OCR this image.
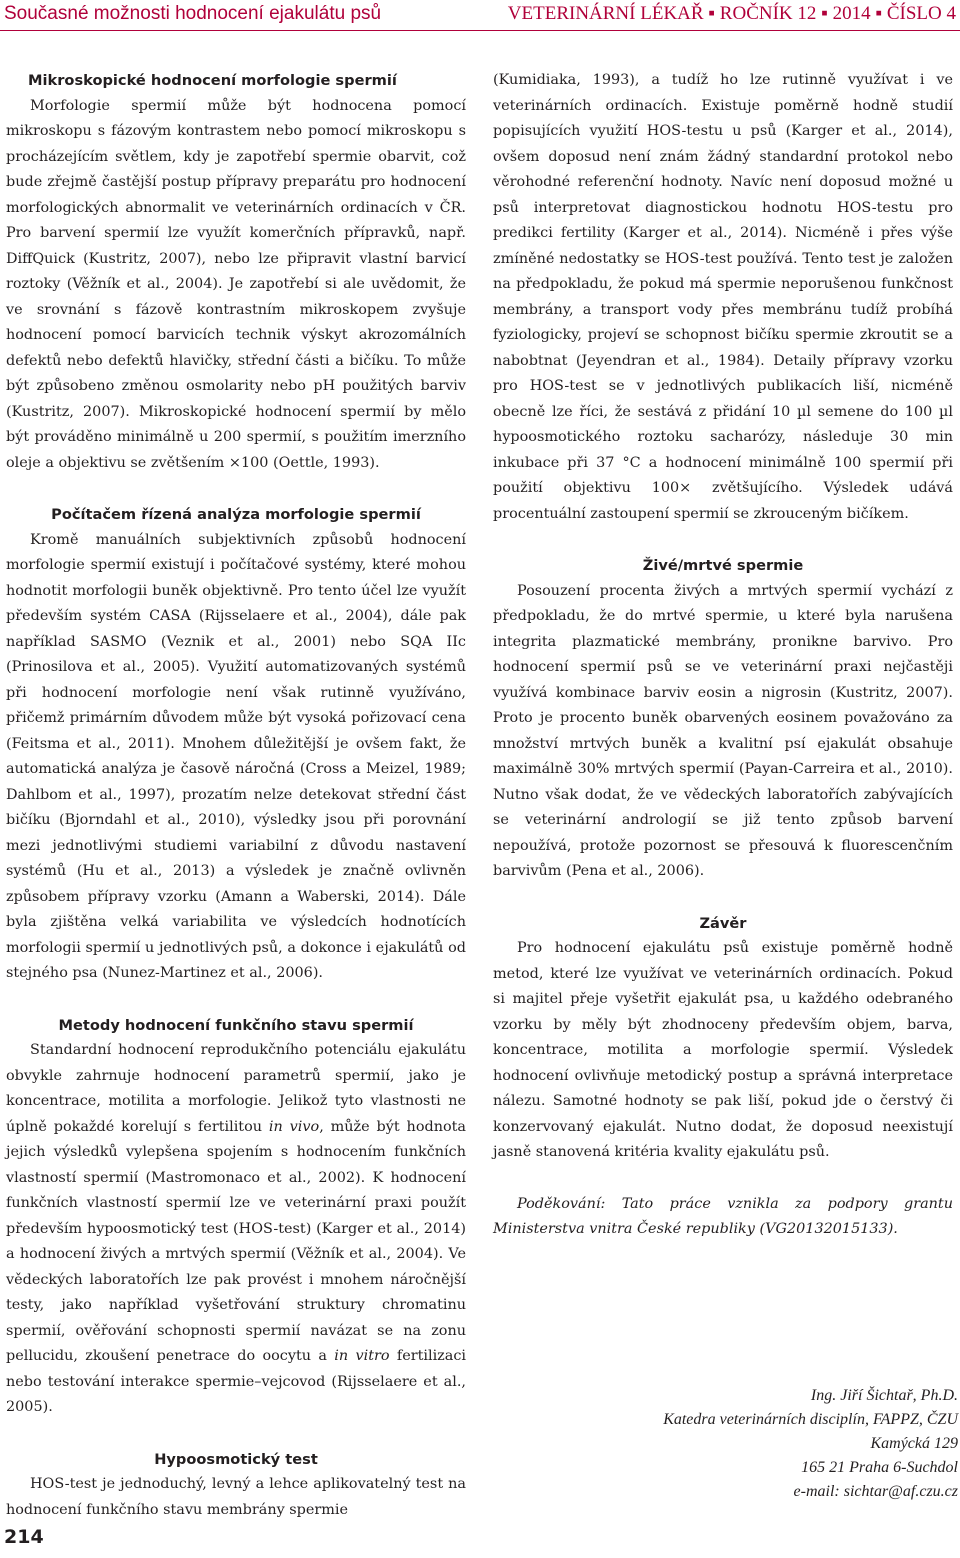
Současné možnosti hodnocení ejakulátu psů	VETERINÁRNÍ LÉKAŘ ▪ ROČNÍK 12 ▪ 2014 ▪ ČÍSLO 4
Mikroskopické hodnocení morfologie spermií

Morfologie spermií může být hodnocena pomocí mikroskopu s fázovým kontrastem nebo pomocí mikroskopu s procházejícím světlem, kdy je zapotřebí spermie obarvit, což bude zřejmě častější postup přípravy preparátu pro hodnocení morfologických abnormalit ve veterinárních ordinacích v ČR. Pro barvení spermií lze využít komerčních přípravků, např. DiffQuick (Kustritz, 2007), nebo lze připravit vlastní barvicí roztoky (Věžník et al., 2004). Je zapotřebí si ale uvědomit, že ve srovnání s fázově kontrastním mikroskopem zvyšuje hodnocení pomocí barvicích technik výskyt akrozomálních defektů nebo defektů hlavičky, střední části a bičíku. To může být způsobeno změnou osmolarity nebo pH použitých barviv (Kustritz, 2007). Mikroskopické hodnocení spermií by mělo být prováděno minimálně u 200 spermií, s použitím imerzního oleje a objektivu se zvětšením ×100 (Oettle, 1993).

Počítačem řízená analýza morfologie spermií

Kromě manuálních subjektivních způsobů hodnocení morfologie spermií existují i počítačové systémy, které mohou hodnotit morfologii buněk objektivně. Pro tento účel lze využít především systém CASA (Rijsselaere et al., 2004), dále pak například SASMO (Veznik et al., 2001) nebo SQA IIc (Prinosilova et al., 2005). Využití automatizovaných systémů při hodnocení morfologie není však rutinně využíváno, přičemž primárním důvodem může být vysoká pořizovací cena (Feitsma et al., 2011). Mnohem důležitější je ovšem fakt, že automatická analýza je časově náročná (Cross a Meizel, 1989; Dahlbom et al., 1997), prozatím nelze detekovat střední část bičíku (Bjorndahl et al., 2010), výsledky jsou při porovnání mezi jednotlivými studiemi variabilní z důvodu nastavení systémů (Hu et al., 2013) a výsledek je značně ovlivněn způsobem přípravy vzorku (Amann a Waberski, 2014). Dále byla zjištěna velká variabilita ve výsledcích hodnotících morfologii spermií u jednotlivých psů, a dokonce i ejakulátů od stejného psa (Nunez-Martinez et al., 2006).

Metody hodnocení funkčního stavu spermií

Standardní hodnocení reprodukčního potenciálu ejakulátu obvykle zahrnuje hodnocení parametrů spermií, jako je koncentrace, motilita a morfologie. Jelikož tyto vlastnosti ne úplně pokaždé korelují s fertilitou in vivo, může být hodnota jejich výsledků vylepšena spojením s hodnocením funkčních vlastností spermií (Mastromonaco et al., 2002). K hodnocení funkčních vlastností spermií lze ve veterinární praxi použít především hypoosmotický test (HOS-test) (Karger et al., 2014) a hodnocení živých a mrtvých spermií (Věžník et al., 2004). Ve vědeckých laboratořích lze pak provést i mnohem náročnější testy, jako například vyšetřování struktury chromatinu spermií, ověřování schopnosti spermií navázat se na zonu pellucidu, zkoušení penetrace do oocytu a in vitro fertilizaci nebo testování interakce spermie–vejcovod (Rijsselaere et al., 2005).

Hypoosmotický test

HOS-test je jednoduchý, levný a lehce aplikovatelný test na hodnocení funkčního stavu membrány spermie

(Kumidiaka, 1993), a tudíž ho lze rutinně využívat i ve veterinárních ordinacích. Existuje poměrně hodně studií popisujících využití HOS-testu u psů (Karger et al., 2014), ovšem doposud není znám žádný standardní protokol nebo věrohodné referenční hodnoty. Navíc není doposud možné u psů interpretovat diagnostickou hodnotu HOS-testu pro predikci fertility (Karger et al., 2014). Nicméně i přes výše zmíněné nedostatky se HOS-test používá. Tento test je založen na předpokladu, že pokud má spermie neporušenou funkčnost membrány, a transport vody přes membránu tudíž probíhá fyziologicky, projeví se schopnost bičíku spermie zkroutit se a nabobtnat (Jeyendran et al., 1984). Detaily přípravy vzorku pro HOS-test se v jednotlivých publikacích liší, nicméně obecně lze říci, že sestává z přidání 10 µl semene do 100 µl hypoosmotického roztoku sacharózy, následuje 30 min inkubace při 37 °C a hodnocení minimálně 100 spermií při použití objektivu 100× zvětšujícího. Výsledek udává procentuální zastoupení spermií se zkrouceným bičíkem.

Živé/mrtvé spermie

Posouzení procenta živých a mrtvých spermií vychází z předpokladu, že do mrtvé spermie, u které byla narušena integrita plazmatické membrány, pronikne barvivo. Pro hodnocení spermií psů se ve veterinární praxi nejčastěji využívá kombinace barviv eosin a nigrosin (Kustritz, 2007). Proto je procento buněk obarvených eosinem považováno za množství mrtvých buněk a kvalitní psí ejakulát obsahuje maximálně 30% mrtvých spermií (Payan-Carreira et al., 2010). Nutno však dodat, že ve vědeckých laboratořích zabývajících se veterinární andrologií se již tento způsob barvení nepoužívá, protože pozornost se přesouvá k fluorescenčním barvivům (Pena et al., 2006).

Závěr

Pro hodnocení ejakulátu psů existuje poměrně hodně metod, které lze využívat ve veterinárních ordinacích. Pokud si majitel přeje vyšetřit ejakulát psa, u každého odebraného vzorku by měly být zhodnoceny především objem, barva, koncentrace, motilita a morfologie spermií. Výsledek hodnocení ovlivňuje metodický postup a správná interpretace nálezu. Samotné hodnoty se pak liší, pokud jde o čerstvý či konzervovaný ejakulát. Nutno dodat, že doposud neexistují jasně stanovená kritéria kvality ejakulátu psů.

Poděkování: Tato práce vznikla za podpory grantu Ministerstva vnitra České republiky (VG20132015133).

Ing. Jiří Šichtař, Ph.D.
Katedra veterinárních disciplín, FAPPZ, ČZU
Kamýcká 129
165 21 Praha 6-Suchdol
e-mail: sichtar@af.czu.cz
214
